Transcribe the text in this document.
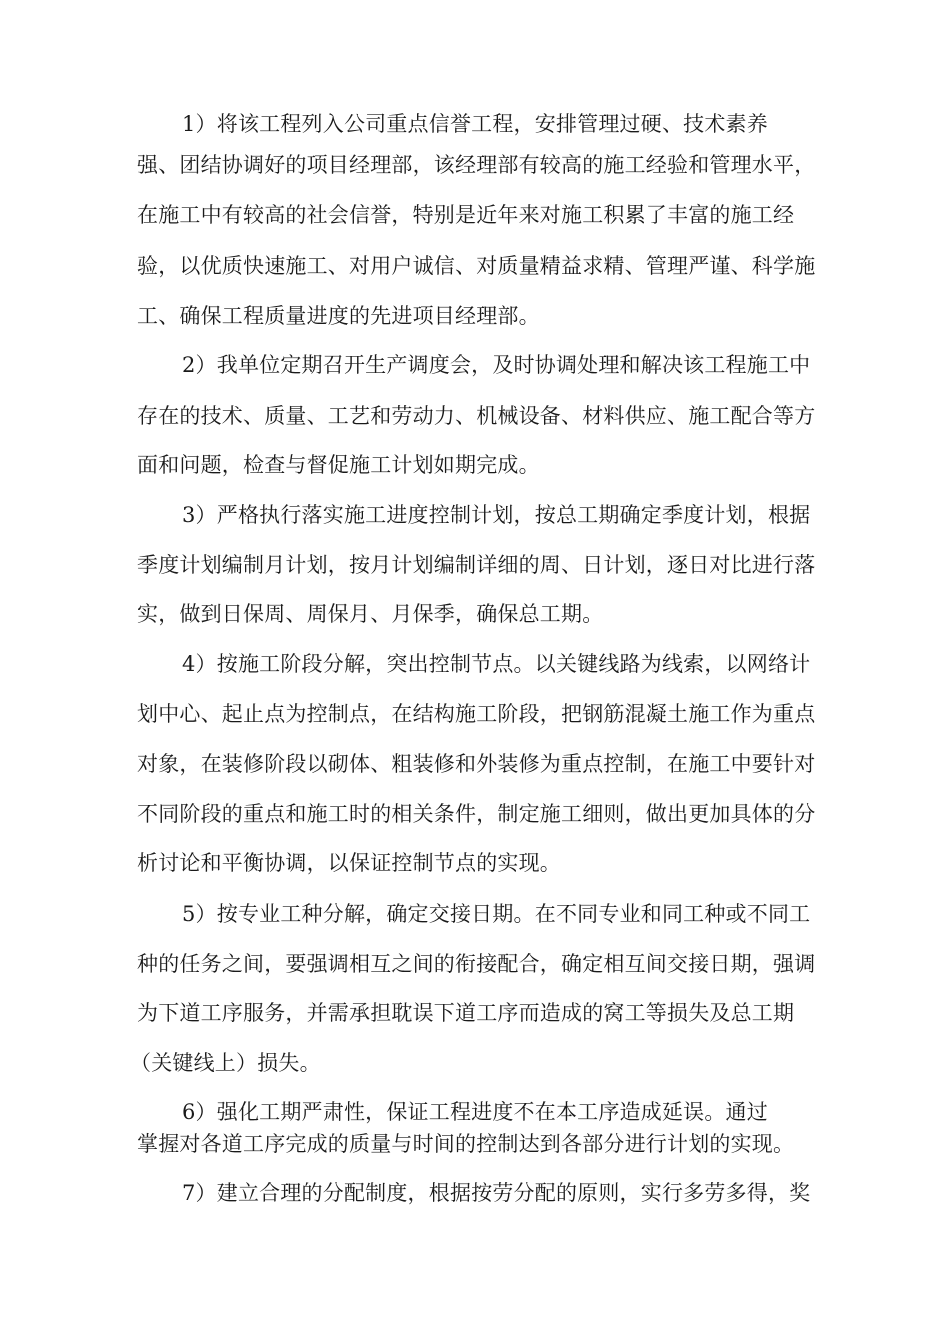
1）将该工程列入公司重点信誉工程，安排管理过硬、技术素养
强、团结协调好的项目经理部，该经理部有较高的施工经验和管理水平，
在施工中有较高的社会信誉，特别是近年来对施工积累了丰富的施工经
验，以优质快速施工、对用户诚信、对质量精益求精、管理严谨、科学施
工、确保工程质量进度的先进项目经理部。
2）我单位定期召开生产调度会，及时协调处理和解决该工程施工中
存在的技术、质量、工艺和劳动力、机械设备、材料供应、施工配合等方
面和问题，检查与督促施工计划如期完成。
3）严格执行落实施工进度控制计划，按总工期确定季度计划，根据
季度计划编制月计划，按月计划编制详细的周、日计划，逐日对比进行落
实，做到日保周、周保月、月保季，确保总工期。
4）按施工阶段分解，突出控制节点。以关键线路为线索，以网络计
划中心、起止点为控制点，在结构施工阶段，把钢筋混凝土施工作为重点
对象，在装修阶段以砌体、粗装修和外装修为重点控制，在施工中要针对
不同阶段的重点和施工时的相关条件，制定施工细则，做出更加具体的分
析讨论和平衡协调，以保证控制节点的实现。
5）按专业工种分解，确定交接日期。在不同专业和同工种或不同工
种的任务之间，要强调相互之间的衔接配合，确定相互间交接日期，强调
为下道工序服务，并需承担耽误下道工序而造成的窝工等损失及总工期
（关键线上）损失。
6）强化工期严肃性，保证工程进度不在本工序造成延误。通过
掌握对各道工序完成的质量与时间的控制达到各部分进行计划的实现。
7）建立合理的分配制度，根据按劳分配的原则，实行多劳多得，奖
